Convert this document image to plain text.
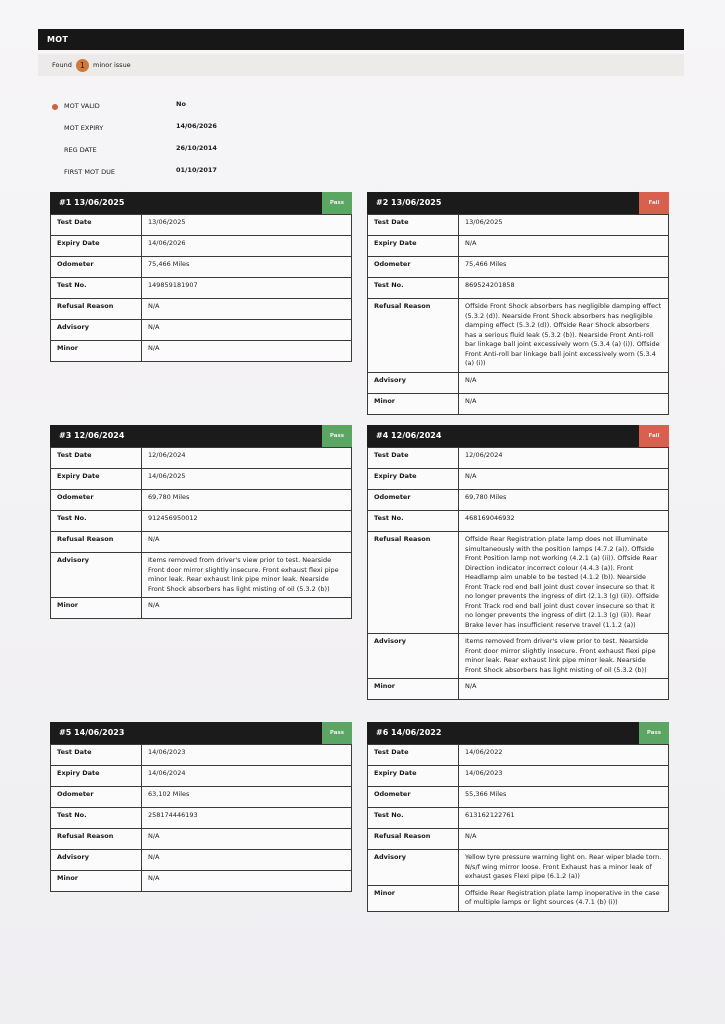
MOT
Found 1 minor issue
MOT VALID	No
MOT EXPIRY	14/06/2026
REG DATE	26/10/2014
FIRST MOT DUE	01/10/2017
#1 13/06/2025	Pass
Test Date	13/06/2025
Expiry Date	14/06/2026
Odometer	75,466 Miles
Test No.	149859181907
Refusal Reason	N/A
Advisory	N/A
Minor	N/A
#2 13/06/2025	Fail
Test Date	13/06/2025
Expiry Date	N/A
Odometer	75,466 Miles
Test No.	869524201858
Refusal Reason	Offside Front Shock absorbers has negligible damping effect (5.3.2 (d)). Nearside Front Shock absorbers has negligible damping effect (5.3.2 (d)). Offside Rear Shock absorbers has a serious fluid leak (5.3.2 (b)). Nearside Front Anti-roll bar linkage ball joint excessively worn (5.3.4 (a) (i)). Offside Front Anti-roll bar linkage ball joint excessively worn (5.3.4 (a) (i))
Advisory	N/A
Minor	N/A
#3 12/06/2024	Pass
Test Date	12/06/2024
Expiry Date	14/06/2025
Odometer	69,780 Miles
Test No.	912456950012
Refusal Reason	N/A
Advisory	Items removed from driver's view prior to test. Nearside Front door mirror slightly insecure. Front exhaust flexi pipe minor leak. Rear exhaust link pipe minor leak. Nearside Front Shock absorbers has light misting of oil (5.3.2 (b))
Minor	N/A
#4 12/06/2024	Fail
Test Date	12/06/2024
Expiry Date	N/A
Odometer	69,780 Miles
Test No.	468169046932
Refusal Reason	Offside Rear Registration plate lamp does not illuminate simultaneously with the position lamps (4.7.2 (a)). Offside Front Position lamp not working (4.2.1 (a) (ii)). Offside Rear Direction indicator incorrect colour (4.4.3 (a)). Front Headlamp aim unable to be tested (4.1.2 (b)). Nearside Front Track rod end ball joint dust cover insecure so that it no longer prevents the ingress of dirt (2.1.3 (g) (ii)). Offside Front Track rod end ball joint dust cover insecure so that it no longer prevents the ingress of dirt (2.1.3 (g) (ii)). Rear Brake lever has insufficient reserve travel (1.1.2 (a))
Advisory	Items removed from driver's view prior to test. Nearside Front door mirror slightly insecure. Front exhaust flexi pipe minor leak. Rear exhaust link pipe minor leak. Nearside Front Shock absorbers has light misting of oil (5.3.2 (b))
Minor	N/A
#5 14/06/2023	Pass
Test Date	14/06/2023
Expiry Date	14/06/2024
Odometer	63,102 Miles
Test No.	258174446193
Refusal Reason	N/A
Advisory	N/A
Minor	N/A
#6 14/06/2022	Pass
Test Date	14/06/2022
Expiry Date	14/06/2023
Odometer	55,366 Miles
Test No.	613162122761
Refusal Reason	N/A
Advisory	Yellow tyre pressure warning light on. Rear wiper blade torn. N/s/f wing mirror loose. Front Exhaust has a minor leak of exhaust gases Flexi pipe (6.1.2 (a))
Minor	Offside Rear Registration plate lamp inoperative in the case of multiple lamps or light sources (4.7.1 (b) (i))
